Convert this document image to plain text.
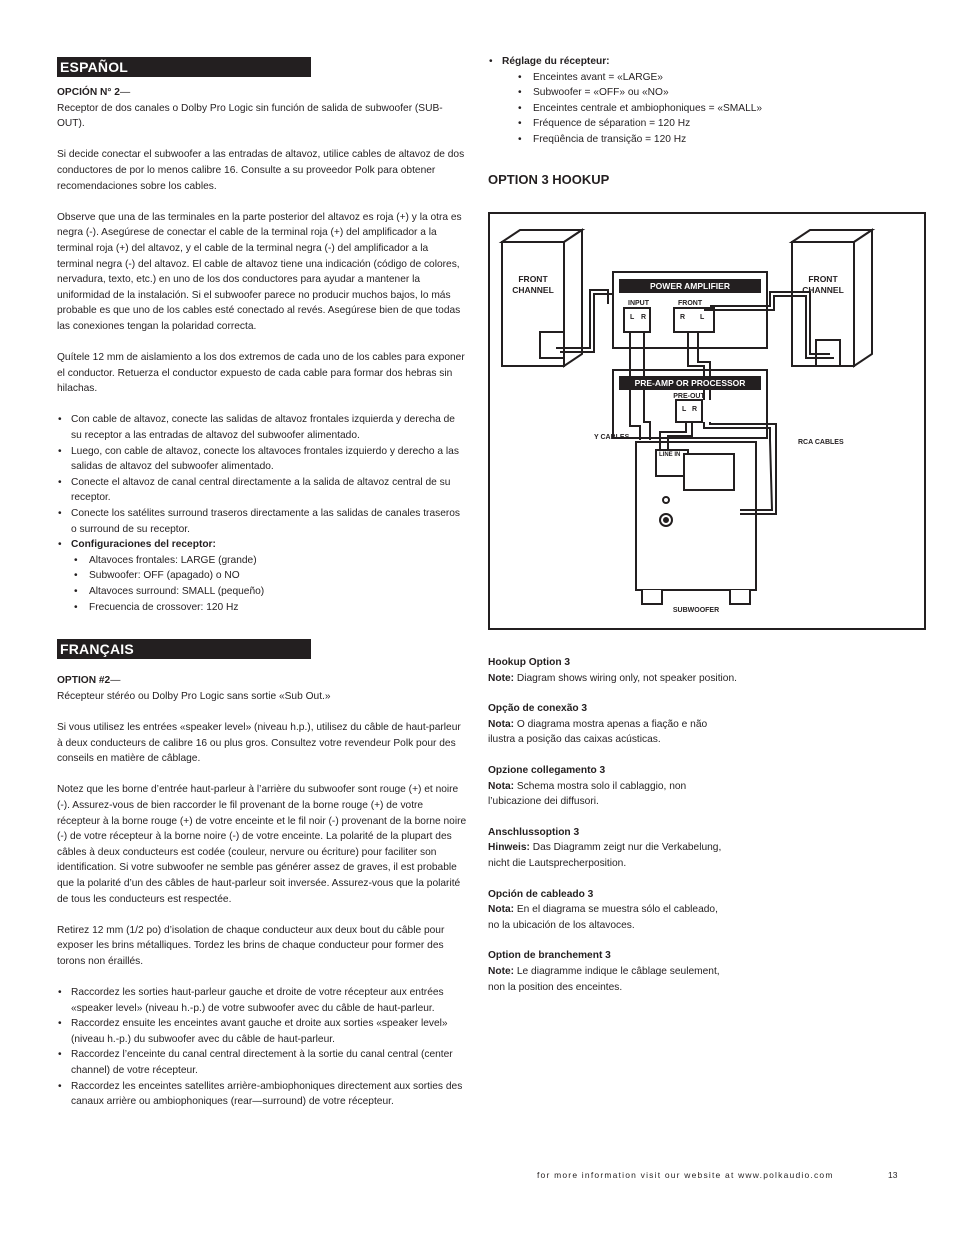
ESPAÑOL

OPCIÓN N° 2—

Receptor de dos canales o Dolby Pro Logic sin función de salida de subwoofer (SUB-OUT).

Si decide conectar el subwoofer a las entradas de altavoz, utilice cables de altavoz de dos conductores de por lo menos calibre 16. Consulte a su proveedor Polk para obtener recomendaciones sobre los cables.

Observe que una de las terminales en la parte posterior del altavoz es roja (+) y la otra es negra (-). Asegúrese de conectar el cable de la terminal roja (+) del amplificador a la terminal roja (+) del altavoz, y el cable de la terminal negra (-) del amplificador a la terminal negra (-) del altavoz. El cable de altavoz tiene una indicación (código de colores, nervadura, texto, etc.) en uno de los dos conductores para ayudar a mantener la uniformidad de la instalación. Si el subwoofer parece no producir muchos bajos, lo más probable es que uno de los cables esté conectado al revés. Asegúrese bien de que todas las conexiones tengan la polaridad correcta.

Quítele 12 mm de aislamiento a los dos extremos de cada uno de los cables para exponer el conductor. Retuerza el conductor expuesto de cada cable para formar dos hebras sin hilachas.

• Con cable de altavoz, conecte las salidas de altavoz frontales izquierda y derecha de su receptor a las entradas de altavoz del subwoofer alimentado.
• Luego, con cable de altavoz, conecte los altavoces frontales izquierdo y derecho a las salidas de altavoz del subwoofer alimentado.
• Conecte el altavoz de canal central directamente a la salida de altavoz central de su receptor.
• Conecte los satélites surround traseros directamente a las salidas de canales traseros o surround de su receptor.
• Configuraciones del receptor:
• Altavoces frontales: LARGE (grande)
• Subwoofer: OFF (apagado) o NO
• Altavoces surround: SMALL (pequeño)
• Frecuencia de crossover: 120 Hz
FRANÇAIS

OPTION #2—

Récepteur stéréo ou Dolby Pro Logic sans sortie «Sub Out.»

Si vous utilisez les entrées «speaker level» (niveau h.p.), utilisez du câble de haut-parleur à deux conducteurs de calibre 16 ou plus gros. Consultez votre revendeur Polk pour des conseils en matière de câblage.

Notez que les borne d’entrée haut-parleur à l’arrière du subwoofer sont rouge (+) et noire (-). Assurez-vous de bien raccorder le fil provenant de la borne rouge (+) de votre récepteur à la borne rouge (+) de votre enceinte et le fil noir (-) provenant de la borne noire (-) de votre récepteur à la borne noire (-) de votre enceinte. La polarité de la plupart des câbles à deux conducteurs est codée (couleur, nervure ou écriture) pour faciliter son identification. Si votre subwoofer ne semble pas générer assez de graves, il est probable que la polarité d’un des câbles de haut-parleur soit inversée. Assurez-vous que la polarité de tous les conducteurs est respectée.

Retirez 12 mm (1/2 po) d’isolation de chaque conducteur aux deux bout du câble pour exposer les brins métalliques. Tordez les brins de chaque conducteur pour former des torons non éraillés.

• Raccordez les sorties haut-parleur gauche et droite de votre récepteur aux entrées «speaker level» (niveau h.-p.) de votre subwoofer avec du câble de haut-parleur.
• Raccordez ensuite les enceintes avant gauche et droite aux sorties «speaker level» (niveau h.-p.) du subwoofer avec du câble de haut-parleur.
• Raccordez l’enceinte du canal central directement à la sortie du canal central (center channel) de votre récepteur.
• Raccordez les enceintes satellites arrière-ambiophoniques directement aux sorties des canaux arrière ou ambiophoniques (rear—surround) de votre récepteur.
• Réglage du récepteur:
• Enceintes avant = «LARGE»
• Subwoofer = «OFF» ou «NO»
• Enceintes centrale et ambiophoniques = «SMALL»
• Fréquence de séparation = 120 Hz
• Freqüência de transição = 120 Hz
OPTION 3 HOOKUP
FRONT
CHANNEL
FRONT
CHANNEL
POWER AMPLIFIER
INPUT	FRONT
L R	R L
PRE-AMP OR PROCESSOR
PRE-OUT
L R
Y CABLES
RCA CABLES
LINE IN
SUBWOOFER

Hookup Option 3

Note: Diagram shows wiring only, not speaker position.

Opção de conexão 3

Nota: O diagrama mostra apenas a fiação e não ilustra a posição das caixas acústicas.

Opzione collegamento 3

Nota: Schema mostra solo il cablaggio, non l’ubicazione dei diffusori.

Anschlussoption 3

Hinweis: Das Diagramm zeigt nur die Verkabelung, nicht die Lautsprecherposition.

Opción de cableado 3

Nota: En el diagrama se muestra sólo el cableado, no la ubicación de los altavoces.

Option de branchement 3

Note: Le diagramme indique le câblage seulement, non la position des enceintes.

for more information visit our website at www.polkaudio.com	13
